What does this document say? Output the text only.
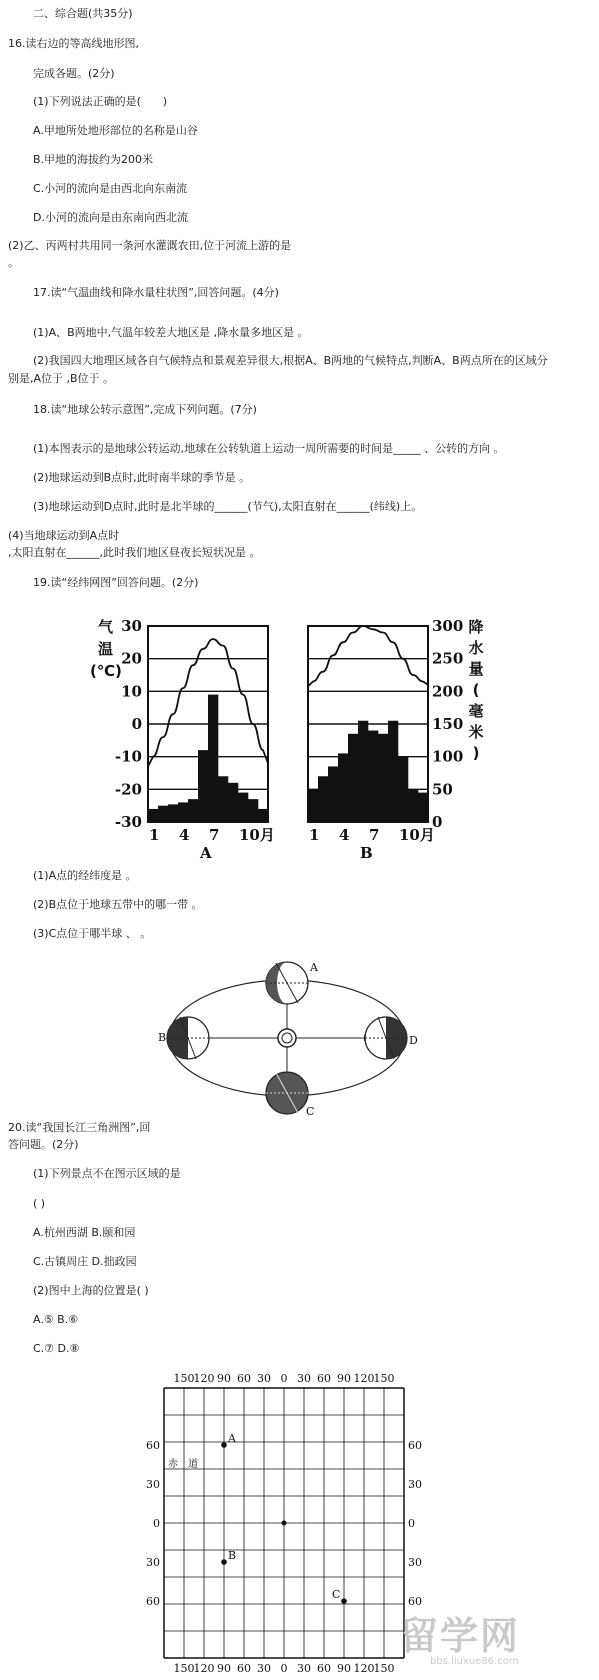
二、综合题(共35分)
16.读右边的等高线地形图,
完成各题。(2分)
(1)下列说法正确的是(　　)
A.甲地所处地形部位的名称是山谷
B.甲地的海拔约为200米
C.小河的流向是由西北向东南流
D.小河的流向是由东南向西北流
(2)乙、丙两村共用同一条河水灌溉农田,位于河流上游的是
。
17.读“气温曲线和降水量柱状图”,回答问题。(4分)
(1)A、B两地中,气温年较差大地区是 ,降水量多地区是 。
(2)我国四大地理区域各自气候特点和景观差异很大,根据A、B两地的气候特点,判断A、B两点所在的区域分
别是,A位于 ,B位于 。
18.读“地球公转示意图”,完成下列问题。(7分)
(1)本图表示的是地球公转运动,地球在公转轨道上运动一周所需要的时间是_____ 、公转的方向 。
(2)地球运动到B点时,此时南半球的季节是 。
(3)地球运动到D点时,此时是北半球的______(节气),太阳直射在______(纬线)上。
(4)当地球运动到A点时
,太阳直射在______,此时我们地区昼夜长短状况是 。
19.读“经纬网图”回答问题。(2分)
气
温
(℃)
降
水
量
(
毫
米
)
30
20
10
0
-10
-20
-30
300
250
200
150
100
50
0
1 4 7 10月
A
1 4 7 10月
B
(1)A点的经纬度是 。
(2)B点位于地球五带中的哪一带 。
(3)C点位于哪半球 、 。
A
B	D
C
20.读“我国长江三角洲图”,回
答问题。(2分)
(1)下列景点不在图示区域的是
( )
A.杭州西湖 B.颐和园
C.古镇周庄 D.拙政园
(2)图中上海的位置是( )
A.⑤ B.⑥
C.⑦ D.⑧
150
150
120
120
90
90
60
60
30
30
0
0
30
30
60
60
90
90
120
120
150
150
60	60
30	30
0	0
30	30
60	60
赤　道
A
B
C
留学网
bbs.liuxue86.com
